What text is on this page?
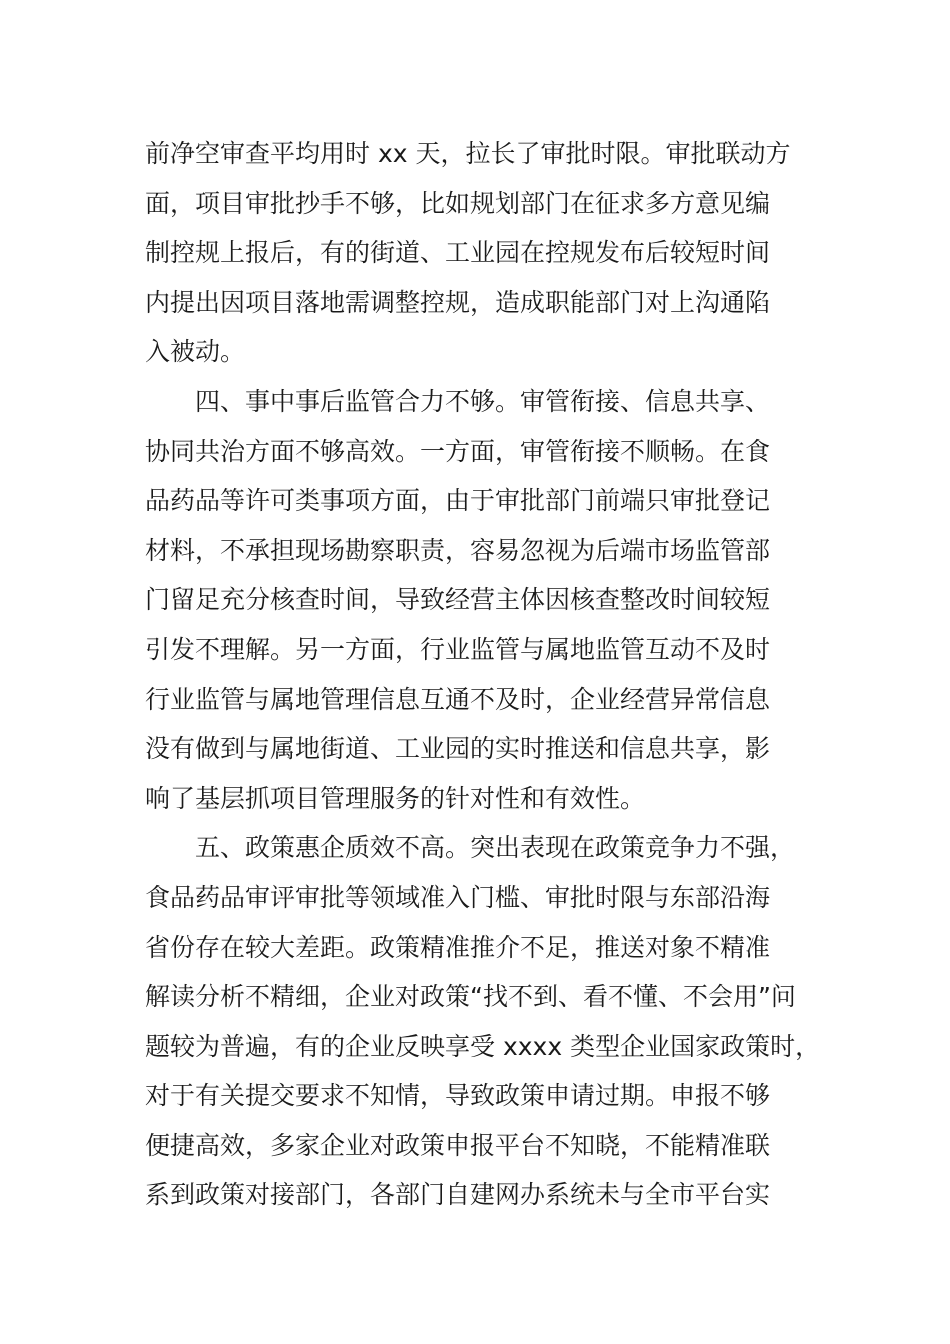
前净空审查平均用时 xx 天，拉长了审批时限。审批联动方
面，项目审批抄手不够，比如规划部门在征求多方意见编
制控规上报后，有的街道、工业园在控规发布后较短时间
内提出因项目落地需调整控规，造成职能部门对上沟通陷
入被动。
四、事中事后监管合力不够。审管衔接、信息共享、
协同共治方面不够高效。一方面，审管衔接不顺畅。在食
品药品等许可类事项方面，由于审批部门前端只审批登记
材料，不承担现场勘察职责，容易忽视为后端市场监管部
门留足充分核查时间，导致经营主体因核查整改时间较短
引发不理解。另一方面，行业监管与属地监管互动不及时
行业监管与属地管理信息互通不及时，企业经营异常信息
没有做到与属地街道、工业园的实时推送和信息共享，影
响了基层抓项目管理服务的针对性和有效性。
五、政策惠企质效不高。突出表现在政策竞争力不强，
食品药品审评审批等领域准入门槛、审批时限与东部沿海
省份存在较大差距。政策精准推介不足，推送对象不精准
解读分析不精细，企业对政策“找不到、看不懂、不会用”问
题较为普遍，有的企业反映享受 xxxx 类型企业国家政策时，
对于有关提交要求不知情，导致政策申请过期。申报不够
便捷高效，多家企业对政策申报平台不知晓，不能精准联
系到政策对接部门，各部门自建网办系统未与全市平台实
